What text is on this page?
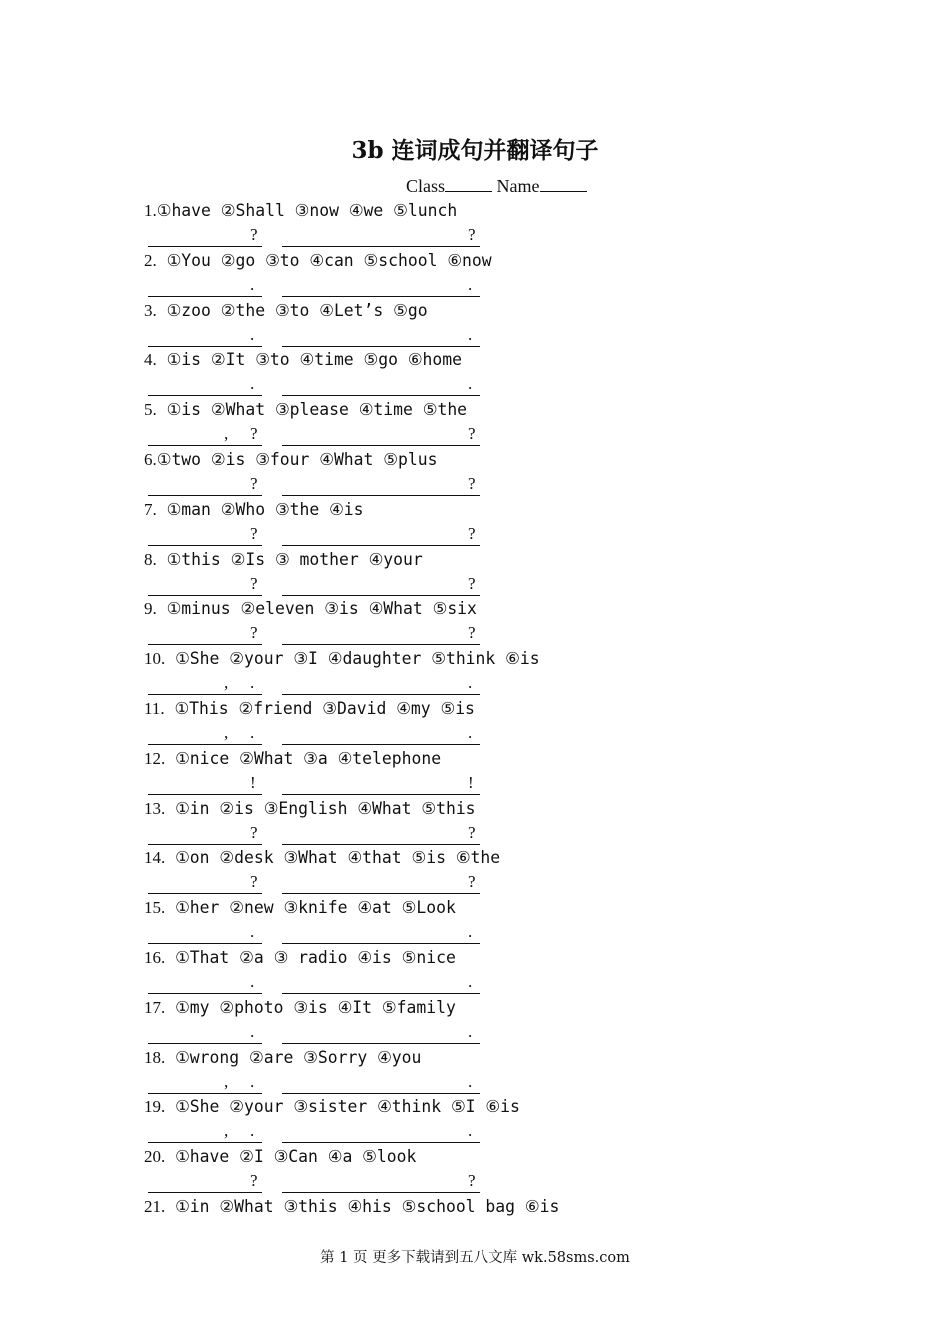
3b 连词成句并翻译句子
Class	Name
1.①have ②Shall ③now ④we ⑤lunch
?	?
2. ①You ②go ③to ④can ⑤school ⑥now
.	.
3. ①zoo ②the ③to ④Let’s ⑤go
.	.
4. ①is ②It ③to ④time ⑤go ⑥home
.	.
5. ①is ②What ③please ④time ⑤the
, ?	?
6.①two ②is ③four ④What ⑤plus
?	?
7. ①man ②Who ③the ④is
?	?
8. ①this ②Is ③ mother ④your
?	?
9. ①minus ②eleven ③is ④What ⑤six
?	?
10. ①She ②your ③I ④daughter ⑤think ⑥is
, .	.
11. ①This ②friend ③David ④my ⑤is
, .	.
12. ①nice ②What ③a ④telephone
!	!
13. ①in ②is ③English ④What ⑤this
?	?
14. ①on ②desk ③What ④that ⑤is ⑥the
?	?
15. ①her ②new ③knife ④at ⑤Look
.	.
16. ①That ②a ③ radio ④is ⑤nice
.	.
17. ①my ②photo ③is ④It ⑤family
.	.
18. ①wrong ②are ③Sorry ④you
, .	.
19. ①She ②your ③sister ④think ⑤I ⑥is
, .	.
20. ①have ②I ③Can ④a ⑤look
?	?
21. ①in ②What ③this ④his ⑤school bag ⑥is
第 1 页 更多下载请到五八文库 wk.58sms.com
